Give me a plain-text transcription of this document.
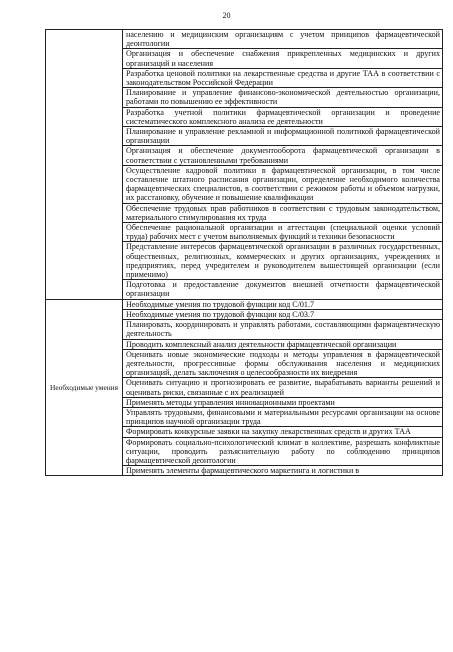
20
	населению и медицинским организациям с учетом принципов фармацевтической деонтологии
	Организация и обеспечение снабжения прикрепленных медицинских и других организаций и населения
	Разработка ценовой политики на лекарственные средства и другие ТАА в соответствии с законодательством Российской Федерации
	Планирование и управление финансово-экономической деятельностью организации, работами по повышению ее эффективности
	Разработка учетной политики фармацевтической организации и проведение систематического комплексного анализа ее деятельности
	Планирование и управление рекламной и информационной политикой фармацевтической организации
	Организация и обеспечение документооборота фармацевтической организации в соответствии с установленными требованиями
	Осуществление кадровой политики в фармацевтической организации, в том числе составление штатного расписания организации, определение необходимого количества фармацевтических специалистов, в соответствии с режимом работы и объемом нагрузки, их расстановку, обучение и повышение квалификации
	Обеспечение трудовых прав работников в соответствии с трудовым законодательством, материального стимулирования их труда
	Обеспечение рациональной организации и аттестации (специальной оценки условий труда) рабочих мест с учетом выполняемых функций и техники безопасности
	Представление интересов фармацевтической организации в различных государственных, общественных, религиозных, коммерческих и других организациях, учреждениях и предприятиях, перед учредителем и руководителем вышестоящей организации (если применимо)
	Подготовка и предоставление документов внешней отчетности фармацевтической организации
Необходимые умения	Необходимые умения по трудовой функции код C/01.7
	Необходимые умения по трудовой функции код C/03.7
	Планировать, координировать и управлять работами, составляющими фармацевтическую деятельность
	Проводить комплексный анализ деятельности фармацевтической организации
	Оценивать новые экономические подходы и методы управления в фармацевтической деятельности, прогрессивные формы обслуживания населения и медицинских организаций, делать заключения о целесообразности их внедрения
	Оценивать ситуацию и прогнозировать ее развитие, вырабатывать варианты решений и оценивать риски, связанные с их реализацией
	Применять методы управления инновационными проектами
	Управлять трудовыми, финансовыми и материальными ресурсами организации на основе принципов научной организации труда
	Формировать конкурсные заявки на закупку лекарственных средств и других ТАА
	Формировать социально-психологический климат в коллективе, разрешать конфликтные ситуации, проводить разъяснительную работу по соблюдению принципов фармацевтической деонтологии
	Применять элементы фармацевтического маркетинга и логистики в
